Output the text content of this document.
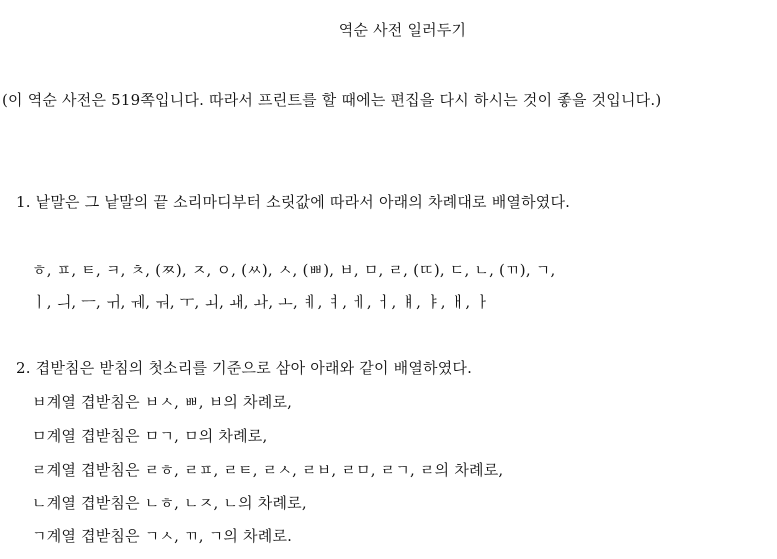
역순 사전 일러두기
(이 역순 사전은 519쪽입니다. 따라서 프린트를 할 때에는 편집을 다시 하시는 것이 좋을 것입니다.)
1. 낱말은 그 낱말의 끝 소리마디부터 소릿값에 따라서 아래의 차례대로 배열하였다.
ㅎ, ㅍ, ㅌ, ㅋ, ㅊ, (ㅉ), ㅈ, ㅇ, (ㅆ), ㅅ, (ㅃ), ㅂ, ㅁ, ㄹ, (ㄸ), ㄷ, ㄴ, (ㄲ), ㄱ,
ㅣ, ㅢ, ㅡ, ㅟ, ㅞ, ㅝ, ㅜ, ㅚ, ㅙ, ㅘ, ㅗ, ㅖ, ㅕ, ㅔ, ㅓ, ㅒ, ㅑ, ㅐ, ㅏ
2. 겹받침은 받침의 첫소리를 기준으로 삼아 아래와 같이 배열하였다.
ㅂ계열 겹받침은 ㅂㅅ, ㅃ, ㅂ의 차례로,
ㅁ계열 겹받침은 ㅁㄱ, ㅁ의 차례로,
ㄹ계열 겹받침은 ㄹㅎ, ㄹㅍ, ㄹㅌ, ㄹㅅ, ㄹㅂ, ㄹㅁ, ㄹㄱ, ㄹ의 차례로,
ㄴ계열 겹받침은 ㄴㅎ, ㄴㅈ, ㄴ의 차례로,
ㄱ계열 겹받침은 ㄱㅅ, ㄲ, ㄱ의 차례로.
